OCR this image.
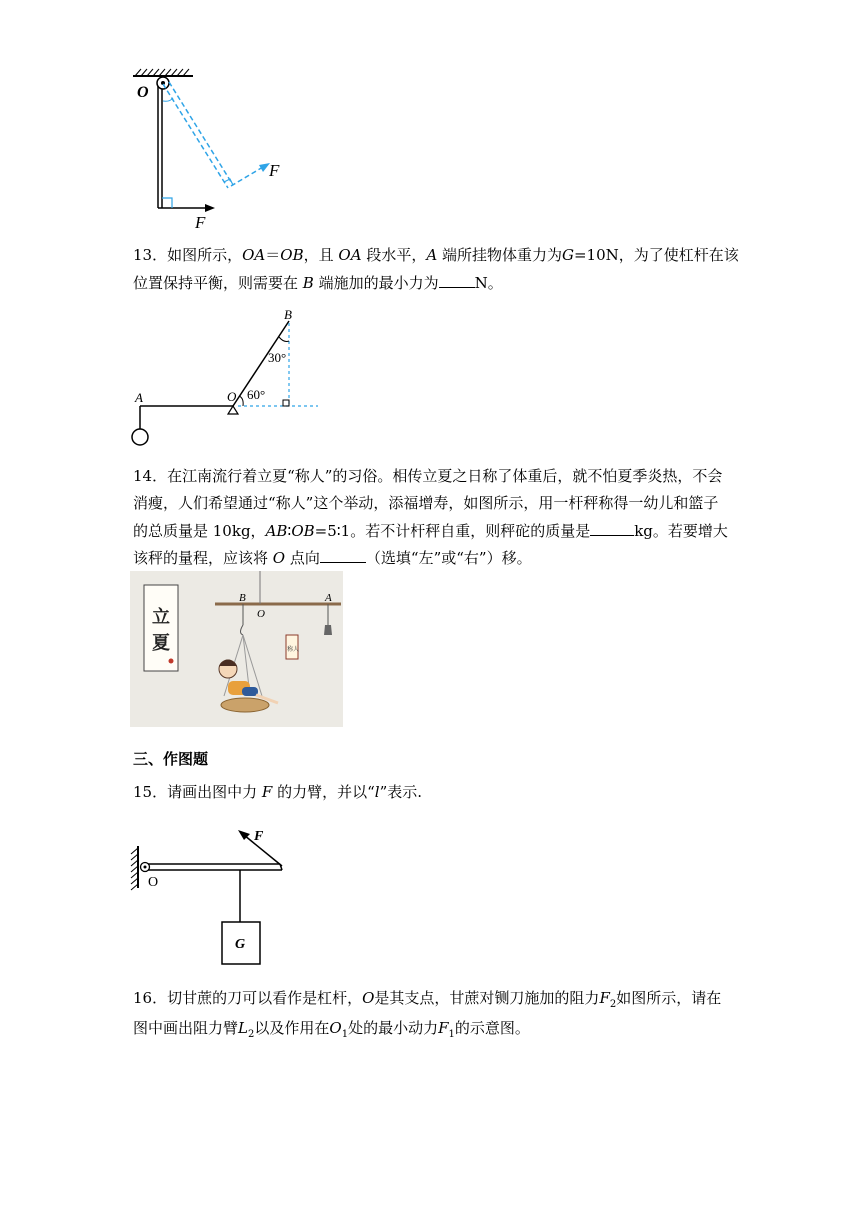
O
F
F
13．如图所示，OA＝OB，且 OA 段水平，A 端所挂物体重力为G=10N，为了使杠杆在该
位置保持平衡，则需要在 B 端施加的最小力为 N。
B
A	O
30°
60°
14．在江南流行着立夏“称人”的习俗。相传立夏之日称了体重后，就不怕夏季炎热，不会
消瘦，人们希望通过“称人”这个举动，添福增寿，如图所示，用一杆秤称得一幼儿和篮子
的总质量是 10kg，AB∶OB=5∶1。若不计杆秤自重，则秤砣的质量是	kg。若要增大
该秤的量程，应该将 O 点向	（选填“左”或“右”）移。
立
夏
B
O
A
称人
三、作图题
15．请画出图中力 F 的力臂，并以“l”表示.
F
O
G
16．切甘蔗的刀可以看作是杠杆，O是其支点，甘蔗对铡刀施加的阻力$F_2$如图所示，请在
图中画出阻力臂$L_2$以及作用在$O_1$处的最小动力$F_1$的示意图。
